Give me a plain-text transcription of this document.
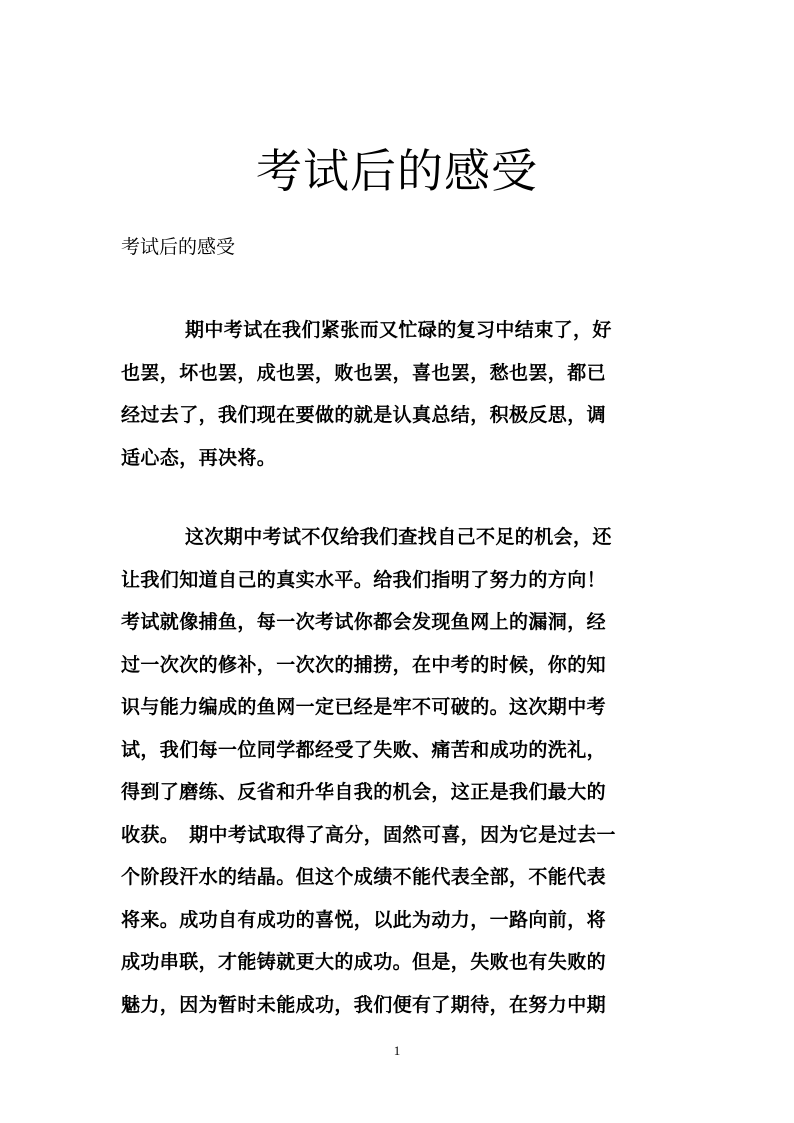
考试后的感受
考试后的感受
期中考试在我们紧张而又忙碌的复习中结束了，好
也罢，坏也罢，成也罢，败也罢，喜也罢，愁也罢，都已
经过去了，我们现在要做的就是认真总结，积极反思，调
适心态，再决将。
这次期中考试不仅给我们查找自己不足的机会，还
让我们知道自己的真实水平。给我们指明了努力的方向！
考试就像捕鱼，每一次考试你都会发现鱼网上的漏洞，经
过一次次的修补，一次次的捕捞，在中考的时候，你的知
识与能力编成的鱼网一定已经是牢不可破的。这次期中考
试，我们每一位同学都经受了失败、痛苦和成功的洗礼，
得到了磨练、反省和升华自我的机会，这正是我们最大的
收获。　期中考试取得了高分，固然可喜，因为它是过去一
个阶段汗水的结晶。但这个成绩不能代表全部，不能代表
将来。成功自有成功的喜悦，以此为动力，一路向前，将
成功串联，才能铸就更大的成功。但是，失败也有失败的
魅力，因为暂时未能成功，我们便有了期待，在努力中期
1
